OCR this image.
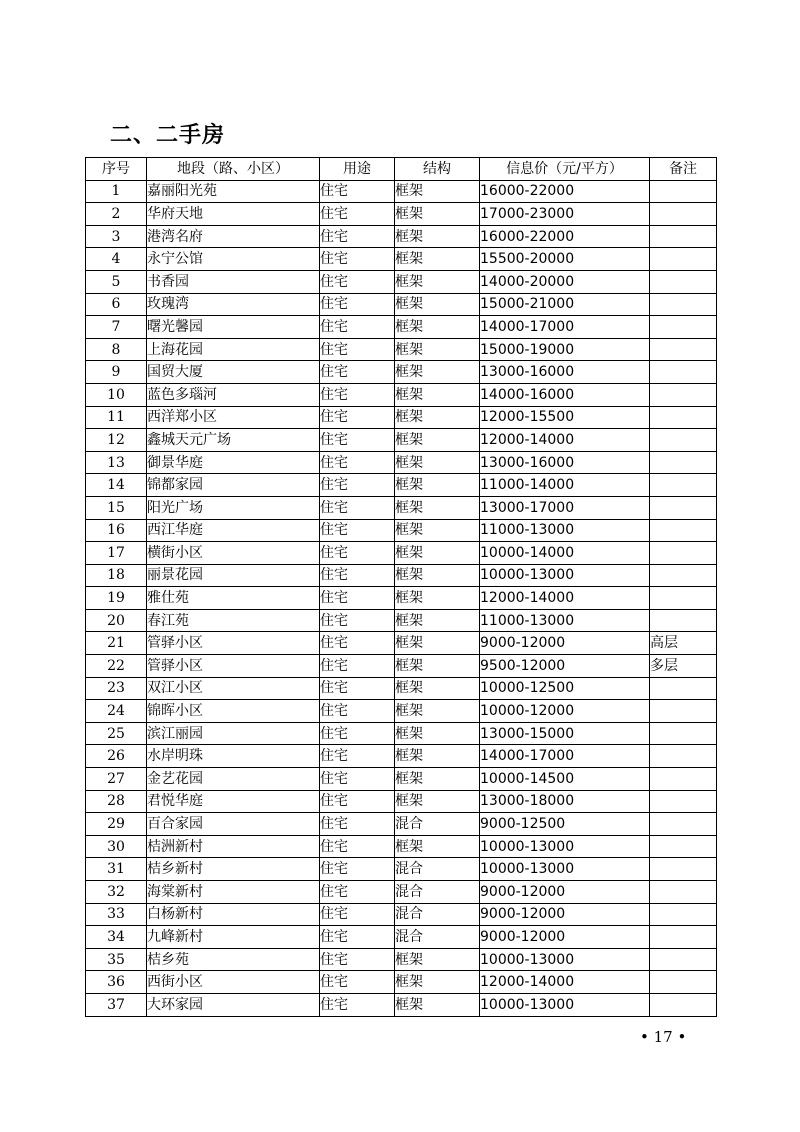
二、二手房
序号	地段（路、小区）	用途	结构	信息价（元/平方）	备注
1	嘉丽阳光苑	住宅	框架	16000-22000	
2	华府天地	住宅	框架	17000-23000	
3	港湾名府	住宅	框架	16000-22000	
4	永宁公馆	住宅	框架	15500-20000	
5	书香园	住宅	框架	14000-20000	
6	玫瑰湾	住宅	框架	15000-21000	
7	曙光馨园	住宅	框架	14000-17000	
8	上海花园	住宅	框架	15000-19000	
9	国贸大厦	住宅	框架	13000-16000	
10	蓝色多瑙河	住宅	框架	14000-16000	
11	西洋郑小区	住宅	框架	12000-15500	
12	鑫城天元广场	住宅	框架	12000-14000	
13	御景华庭	住宅	框架	13000-16000	
14	锦都家园	住宅	框架	11000-14000	
15	阳光广场	住宅	框架	13000-17000	
16	西江华庭	住宅	框架	11000-13000	
17	横街小区	住宅	框架	10000-14000	
18	丽景花园	住宅	框架	10000-13000	
19	雅仕苑	住宅	框架	12000-14000	
20	春江苑	住宅	框架	11000-13000	
21	管驿小区	住宅	框架	9000-12000	高层
22	管驿小区	住宅	框架	9500-12000	多层
23	双江小区	住宅	框架	10000-12500	
24	锦晖小区	住宅	框架	10000-12000	
25	滨江丽园	住宅	框架	13000-15000	
26	水岸明珠	住宅	框架	14000-17000	
27	金艺花园	住宅	框架	10000-14500	
28	君悦华庭	住宅	框架	13000-18000	
29	百合家园	住宅	混合	9000-12500	
30	桔洲新村	住宅	框架	10000-13000	
31	桔乡新村	住宅	混合	10000-13000	
32	海棠新村	住宅	混合	9000-12000	
33	白杨新村	住宅	混合	9000-12000	
34	九峰新村	住宅	混合	9000-12000	
35	桔乡苑	住宅	框架	10000-13000	
36	西街小区	住宅	框架	12000-14000	
37	大环家园	住宅	框架	10000-13000	
• 17 •
